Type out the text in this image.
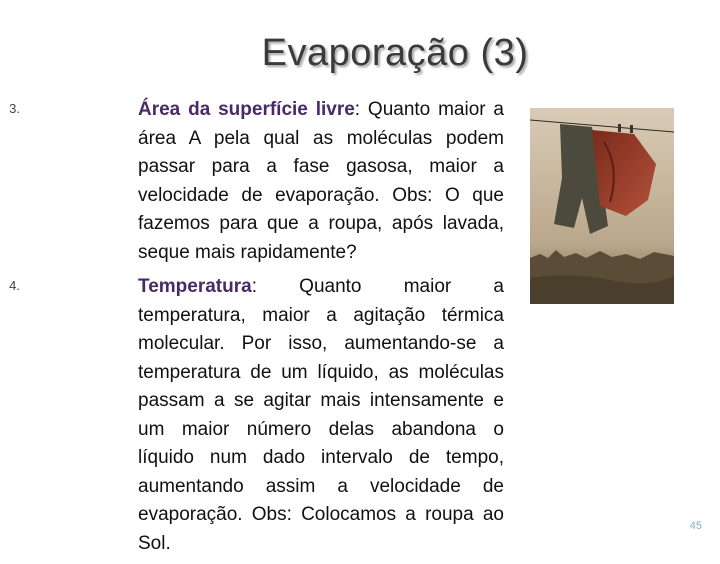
Evaporação (3)
3.	Área da superfície livre: Quanto maior a área A pela qual as moléculas podem passar para a fase gasosa, maior a velocidade de evaporação. Obs: O que fazemos para que a roupa, após lavada, seque mais rapidamente?

4.	Temperatura: Quanto maior a temperatura, maior a agitação térmica molecular. Por isso, aumentando-se a temperatura de um líquido, as moléculas passam a se agitar mais intensamente e um maior número delas abandona o líquido num dado intervalo de tempo, aumentando assim a velocidade de evaporação. Obs: Colocamos a roupa ao Sol.

45
